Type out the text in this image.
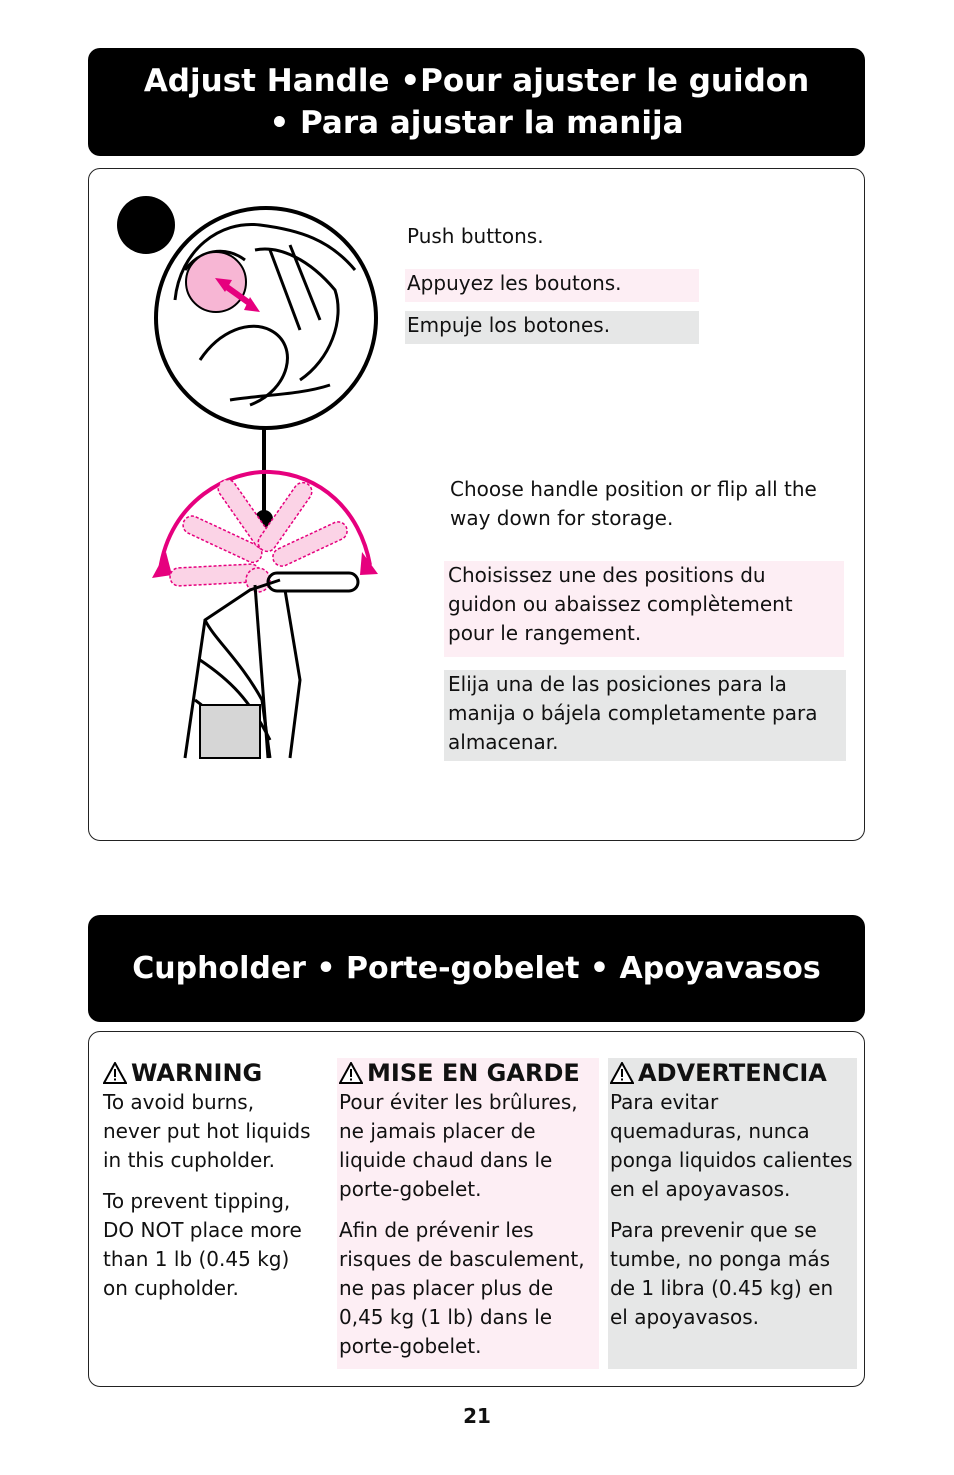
Adjust Handle •Pour ajuster le guidon
• Para ajustar la manija
Push buttons.
Appuyez les boutons.
Empuje los botones.
Choose handle position or flip all the way down for storage.
Choisissez une des positions du guidon ou abaissez complètement pour le rangement.
Elija una de las posiciones para la manija o bájela completamente para almacenar.
Cupholder • Porte-gobelet • Apoyavasos
WARNING

To avoid burns, never put hot liquids in this cupholder.

To prevent tipping, DO NOT place more than 1 lb (0.45 kg) on cupholder.

MISE EN GARDE

Pour éviter les brûlures, ne jamais placer de liquide chaud dans le porte-gobelet.

Afin de prévenir les risques de basculement, ne pas placer plus de 0,45 kg (1 lb) dans le porte-gobelet.

ADVERTENCIA

Para evitar quemaduras, nunca ponga liquidos calientes en el apoyavasos.

Para prevenir que se tumbe, no ponga más de 1 libra (0.45 kg) en el apoyavasos.

21
